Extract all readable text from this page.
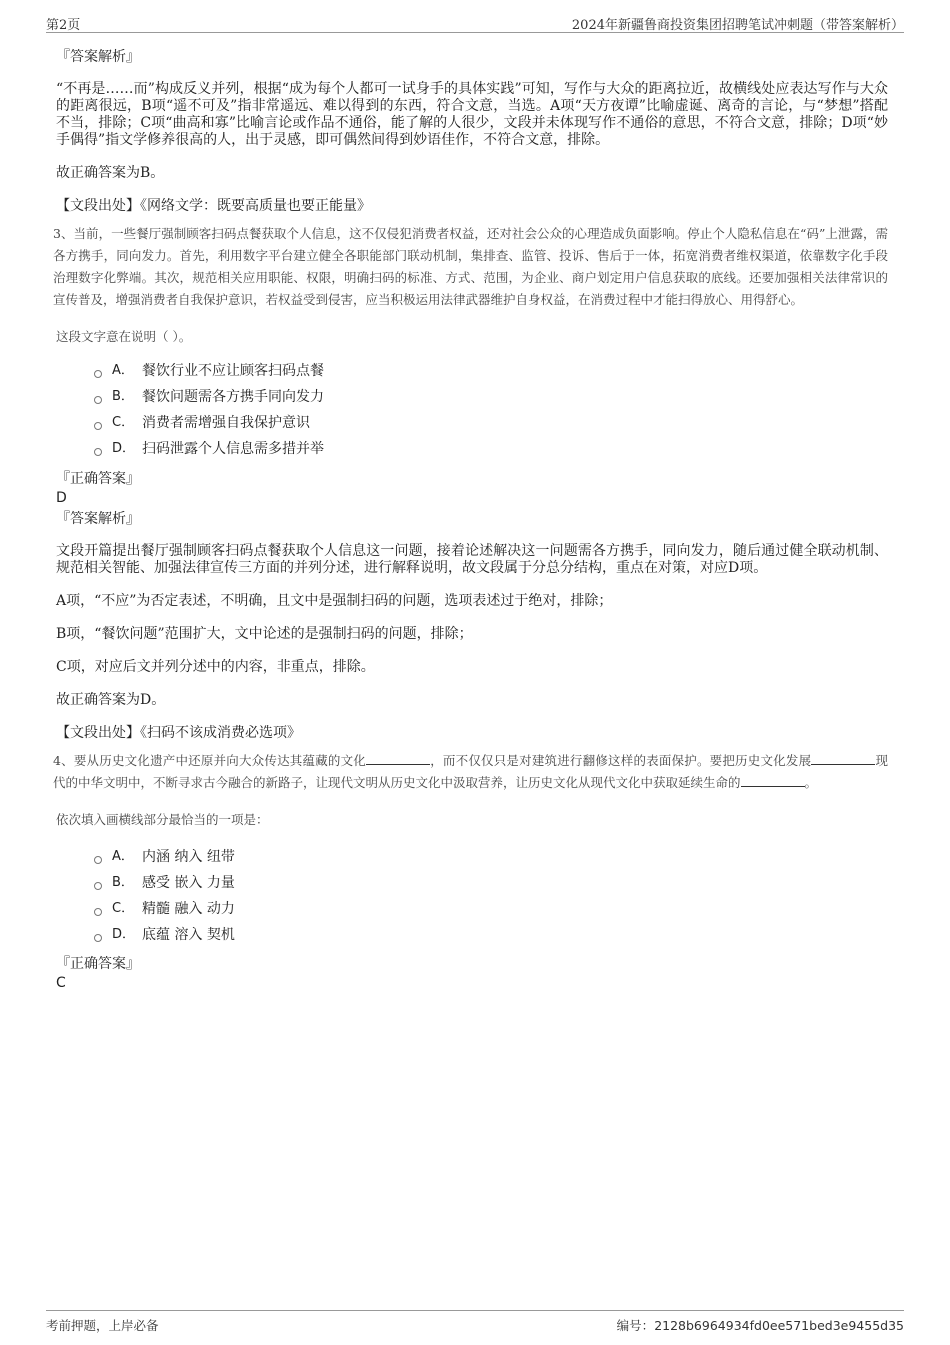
第2页	2024年新疆鲁商投资集团招聘笔试冲刺题（带答案解析）

『答案解析』

“不再是……而”构成反义并列，根据“成为每个人都可一试身手的具体实践”可知，写作与大众的距离拉近，故横线处应表达写作与大众的距离很远，B项“遥不可及”指非常遥远、难以得到的东西，符合文意，当选。A项“天方夜谭”比喻虚诞、离奇的言论，与“梦想”搭配不当，排除；C项“曲高和寡”比喻言论或作品不通俗，能了解的人很少，文段并未体现写作不通俗的意思，不符合文意，排除；D项“妙手偶得”指文学修养很高的人，出于灵感，即可偶然间得到妙语佳作，不符合文意，排除。

故正确答案为B。

【文段出处】《网络文学：既要高质量也要正能量》

3、当前，一些餐厅强制顾客扫码点餐获取个人信息，这不仅侵犯消费者权益，还对社会公众的心理造成负面影响。停止个人隐私信息在“码”上泄露，需各方携手，同向发力。首先，利用数字平台建立健全各职能部门联动机制，集排查、监管、投诉、售后于一体，拓宽消费者维权渠道，依靠数字化手段治理数字化弊端。其次，规范相关应用职能、权限，明确扫码的标准、方式、范围，为企业、商户划定用户信息获取的底线。还要加强相关法律常识的宣传普及，增强消费者自我保护意识，若权益受到侵害，应当积极运用法律武器维护自身权益，在消费过程中才能扫得放心、用得舒心。

这段文字意在说明（ ）。

A． 餐饮行业不应让顾客扫码点餐
B． 餐饮问题需各方携手同向发力
C． 消费者需增强自我保护意识
D． 扫码泄露个人信息需多措并举

『正确答案』

D

『答案解析』

文段开篇提出餐厅强制顾客扫码点餐获取个人信息这一问题，接着论述解决这一问题需各方携手，同向发力，随后通过健全联动机制、规范相关智能、加强法律宣传三方面的并列分述，进行解释说明，故文段属于分总分结构，重点在对策，对应D项。

A项，“不应”为否定表述，不明确，且文中是强制扫码的问题，选项表述过于绝对，排除；

B项，“餐饮问题”范围扩大，文中论述的是强制扫码的问题，排除；

C项，对应后文并列分述中的内容，非重点，排除。

故正确答案为D。

【文段出处】《扫码不该成消费必选项》

4、要从历史文化遗产中还原并向大众传达其蕴藏的文化	，而不仅仅只是对建筑进行翻修这样的表面保护。要把历史文化发展	现代的中华文明中，不断寻求古今融合的新路子，让现代文明从历史文化中汲取营养，让历史文化从现代文化中获取延续生命的	。

依次填入画横线部分最恰当的一项是：

A． 内涵 纳入 纽带
B． 感受 嵌入 力量
C． 精髓 融入 动力
D． 底蕴 溶入 契机

『正确答案』

C

考前押题，上岸必备	编号：2128b6964934fd0ee571bed3e9455d35
